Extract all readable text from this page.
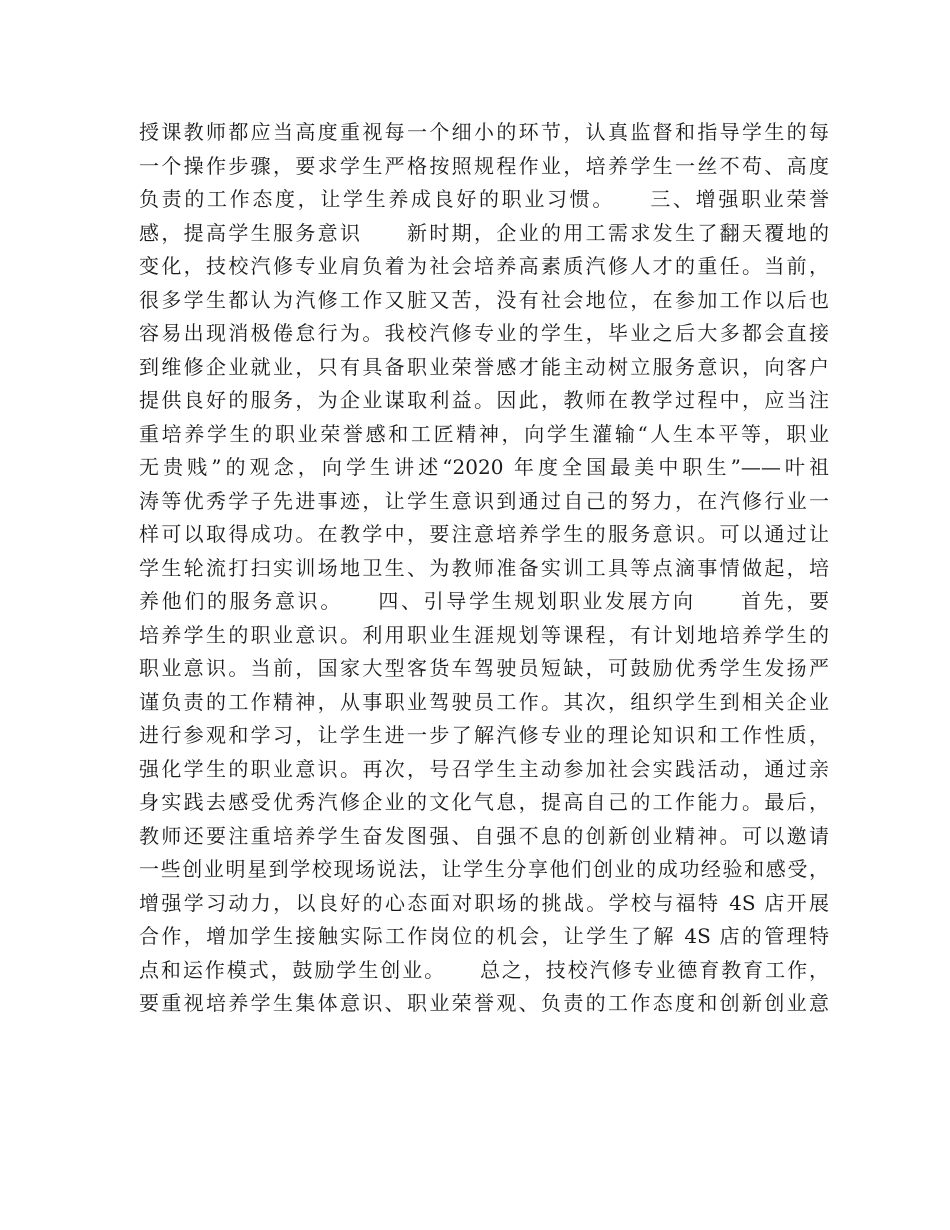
授课教师都应当高度重视每一个细小的环节，认真监督和指导学生的每
一个操作步骤，要求学生严格按照规程作业，培养学生一丝不苟、高度
负责的工作态度，让学生养成良好的职业习惯。　　三、增强职业荣誉
感，提高学生服务意识　　新时期，企业的用工需求发生了翻天覆地的
变化，技校汽修专业肩负着为社会培养高素质汽修人才的重任。当前，
很多学生都认为汽修工作又脏又苦，没有社会地位，在参加工作以后也
容易出现消极倦怠行为。我校汽修专业的学生，毕业之后大多都会直接
到维修企业就业，只有具备职业荣誉感才能主动树立服务意识，向客户
提供良好的服务，为企业谋取利益。因此，教师在教学过程中，应当注
重培养学生的职业荣誉感和工匠精神，向学生灌输“人生本平等，职业
无贵贱”的观念，向学生讲述“2020 年度全国最美中职生”——叶祖
涛等优秀学子先进事迹，让学生意识到通过自己的努力，在汽修行业一
样可以取得成功。在教学中，要注意培养学生的服务意识。可以通过让
学生轮流打扫实训场地卫生、为教师准备实训工具等点滴事情做起，培
养他们的服务意识。　　四、引导学生规划职业发展方向　　首先，要
培养学生的职业意识。利用职业生涯规划等课程，有计划地培养学生的
职业意识。当前，国家大型客货车驾驶员短缺，可鼓励优秀学生发扬严
谨负责的工作精神，从事职业驾驶员工作。其次，组织学生到相关企业
进行参观和学习，让学生进一步了解汽修专业的理论知识和工作性质，
强化学生的职业意识。再次，号召学生主动参加社会实践活动，通过亲
身实践去感受优秀汽修企业的文化气息，提高自己的工作能力。最后，
教师还要注重培养学生奋发图强、自强不息的创新创业精神。可以邀请
一些创业明星到学校现场说法，让学生分享他们创业的成功经验和感受，
增强学习动力，以良好的心态面对职场的挑战。学校与福特 4S 店开展
合作，增加学生接触实际工作岗位的机会，让学生了解 4S 店的管理特
点和运作模式，鼓励学生创业。　　总之，技校汽修专业德育教育工作，
要重视培养学生集体意识、职业荣誉观、负责的工作态度和创新创业意
